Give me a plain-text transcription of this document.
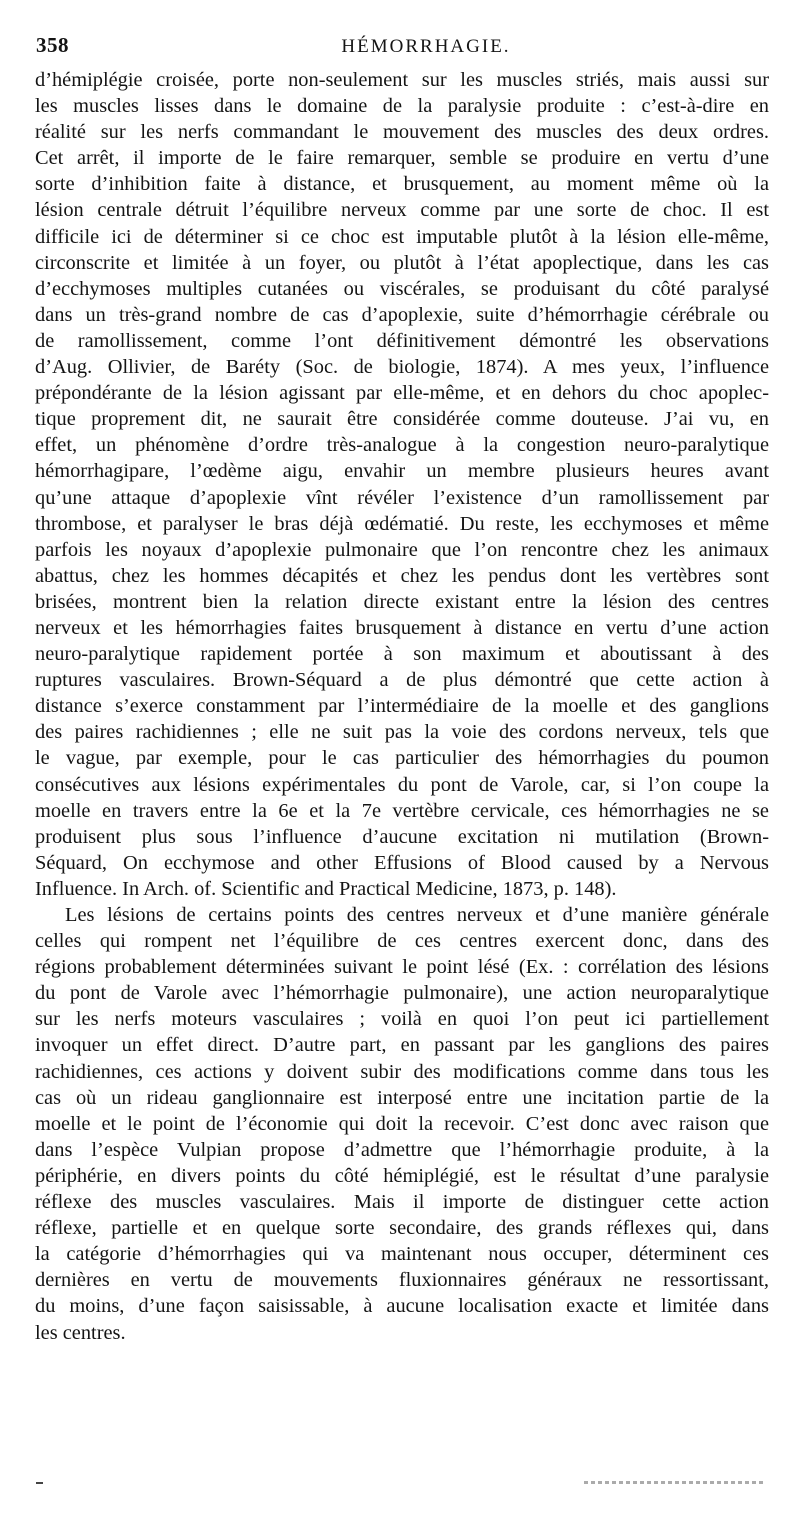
358	HÉMORRHAGIE.
d’hémiplégie croisée, porte non-seulement sur les muscles striés, mais aussi sur
les muscles lisses dans le domaine de la paralysie produite : c’est-à-dire en
réalité sur les nerfs commandant le mouvement des muscles des deux ordres.
Cet arrêt, il importe de le faire remarquer, semble se produire en vertu d’une
sorte d’inhibition faite à distance, et brusquement, au moment même où la
lésion centrale détruit l’équilibre nerveux comme par une sorte de choc. Il est
difficile ici de déterminer si ce choc est imputable plutôt à la lésion elle-même,
circonscrite et limitée à un foyer, ou plutôt à l’état apoplectique, dans les cas
d’ecchymoses multiples cutanées ou viscérales, se produisant du côté paralysé
dans un très-grand nombre de cas d’apoplexie, suite d’hémorrhagie cérébrale ou
de ramollissement, comme l’ont définitivement démontré les observations
d’Aug. Ollivier, de Baréty (Soc. de biologie, 1874). A mes yeux, l’influence
prépondérante de la lésion agissant par elle-même, et en dehors du choc apoplec-
tique proprement dit, ne saurait être considérée comme douteuse. J’ai vu, en
effet, un phénomène d’ordre très-analogue à la congestion neuro-paralytique
hémorrhagipare, l’œdème aigu, envahir un membre plusieurs heures avant
qu’une attaque d’apoplexie vînt révéler l’existence d’un ramollissement par
thrombose, et paralyser le bras déjà œdématié. Du reste, les ecchymoses et même
parfois les noyaux d’apoplexie pulmonaire que l’on rencontre chez les animaux
abattus, chez les hommes décapités et chez les pendus dont les vertèbres sont
brisées, montrent bien la relation directe existant entre la lésion des centres
nerveux et les hémorrhagies faites brusquement à distance en vertu d’une action
neuro-paralytique rapidement portée à son maximum et aboutissant à des
ruptures vasculaires. Brown-Séquard a de plus démontré que cette action à
distance s’exerce constamment par l’intermédiaire de la moelle et des ganglions
des paires rachidiennes ; elle ne suit pas la voie des cordons nerveux, tels que
le vague, par exemple, pour le cas particulier des hémorrhagies du poumon
consécutives aux lésions expérimentales du pont de Varole, car, si l’on coupe la
moelle en travers entre la 6e et la 7e vertèbre cervicale, ces hémorrhagies ne se
produisent plus sous l’influence d’aucune excitation ni mutilation (Brown-
Séquard, On ecchymose and other Effusions of Blood caused by a Nervous
Influence. In Arch. of. Scientific and Practical Medicine, 1873, p. 148).
Les lésions de certains points des centres nerveux et d’une manière générale
celles qui rompent net l’équilibre de ces centres exercent donc, dans des
régions probablement déterminées suivant le point lésé (Ex. : corrélation des lésions
du pont de Varole avec l’hémorrhagie pulmonaire), une action neuroparalytique
sur les nerfs moteurs vasculaires ; voilà en quoi l’on peut ici partiellement
invoquer un effet direct. D’autre part, en passant par les ganglions des paires
rachidiennes, ces actions y doivent subir des modifications comme dans tous les
cas où un rideau ganglionnaire est interposé entre une incitation partie de la
moelle et le point de l’économie qui doit la recevoir. C’est donc avec raison que
dans l’espèce Vulpian propose d’admettre que l’hémorrhagie produite, à la
périphérie, en divers points du côté hémiplégié, est le résultat d’une paralysie
réflexe des muscles vasculaires. Mais il importe de distinguer cette action
réflexe, partielle et en quelque sorte secondaire, des grands réflexes qui, dans
la catégorie d’hémorrhagies qui va maintenant nous occuper, déterminent ces
dernières en vertu de mouvements fluxionnaires généraux ne ressortissant,
du moins, d’une façon saisissable, à aucune localisation exacte et limitée dans
les centres.
